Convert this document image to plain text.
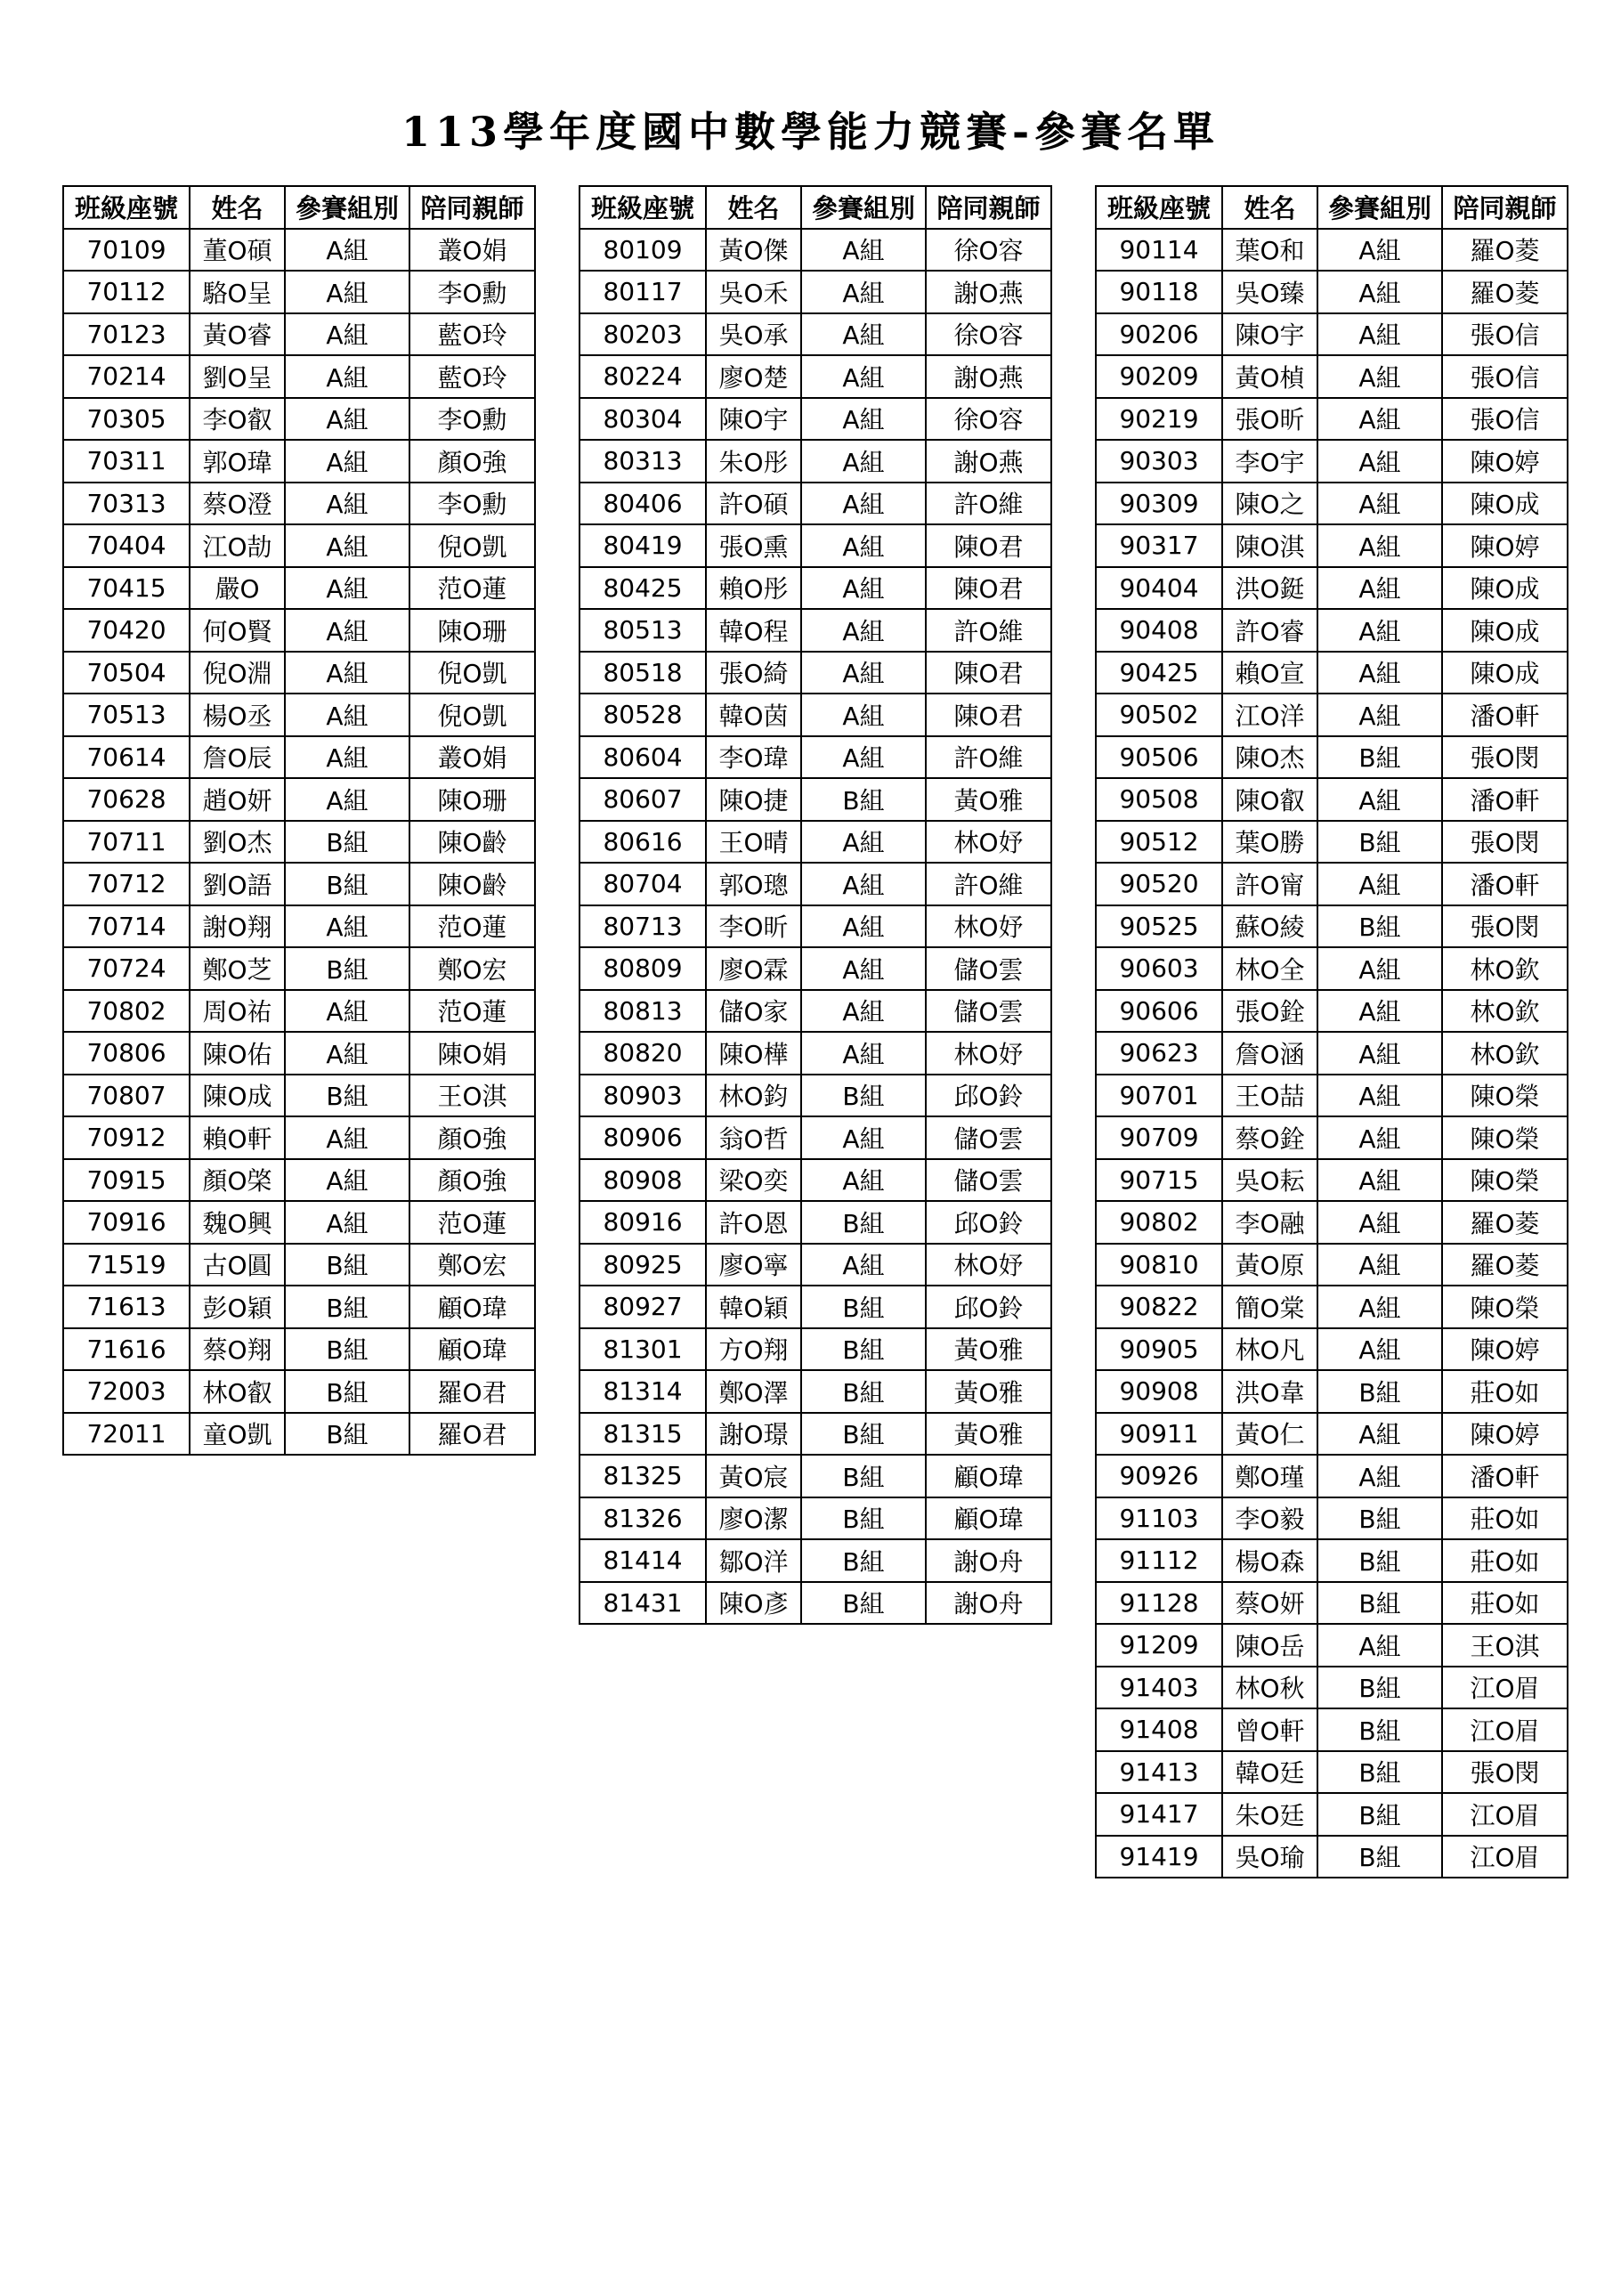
113學年度國中數學能力競賽-參賽名單
班級座號	姓名	參賽組別	陪同親師
70109	董O碩	A組	叢O娟
70112	駱O呈	A組	李O勳
70123	黃O睿	A組	藍O玲
70214	劉O呈	A組	藍O玲
70305	李O叡	A組	李O勳
70311	郭O瑋	A組	顏O強
70313	蔡O澄	A組	李O勳
70404	江O劼	A組	倪O凱
70415	嚴O	A組	范O蓮
70420	何O賢	A組	陳O珊
70504	倪O淵	A組	倪O凱
70513	楊O丞	A組	倪O凱
70614	詹O辰	A組	叢O娟
70628	趙O妍	A組	陳O珊
70711	劉O杰	B組	陳O齡
70712	劉O語	B組	陳O齡
70714	謝O翔	A組	范O蓮
70724	鄭O芝	B組	鄭O宏
70802	周O祐	A組	范O蓮
70806	陳O佑	A組	陳O娟
70807	陳O成	B組	王O淇
70912	賴O軒	A組	顏O強
70915	顏O棨	A組	顏O強
70916	魏O興	A組	范O蓮
71519	古O圓	B組	鄭O宏
71613	彭O穎	B組	顧O瑋
71616	蔡O翔	B組	顧O瑋
72003	林O叡	B組	羅O君
72011	童O凱	B組	羅O君
班級座號	姓名	參賽組別	陪同親師
80109	黃O傑	A組	徐O容
80117	吳O禾	A組	謝O燕
80203	吳O承	A組	徐O容
80224	廖O楚	A組	謝O燕
80304	陳O宇	A組	徐O容
80313	朱O彤	A組	謝O燕
80406	許O碩	A組	許O維
80419	張O熏	A組	陳O君
80425	賴O彤	A組	陳O君
80513	韓O程	A組	許O維
80518	張O綺	A組	陳O君
80528	韓O茵	A組	陳O君
80604	李O瑋	A組	許O維
80607	陳O捷	B組	黃O雅
80616	王O晴	A組	林O妤
80704	郭O璁	A組	許O維
80713	李O昕	A組	林O妤
80809	廖O霖	A組	儲O雲
80813	儲O家	A組	儲O雲
80820	陳O樺	A組	林O妤
80903	林O鈞	B組	邱O鈴
80906	翁O哲	A組	儲O雲
80908	梁O奕	A組	儲O雲
80916	許O恩	B組	邱O鈴
80925	廖O寧	A組	林O妤
80927	韓O穎	B組	邱O鈴
81301	方O翔	B組	黃O雅
81314	鄭O澤	B組	黃O雅
81315	謝O璟	B組	黃O雅
81325	黃O宸	B組	顧O瑋
81326	廖O潔	B組	顧O瑋
81414	鄒O洋	B組	謝O舟
81431	陳O彥	B組	謝O舟
班級座號	姓名	參賽組別	陪同親師
90114	葉O和	A組	羅O菱
90118	吳O臻	A組	羅O菱
90206	陳O宇	A組	張O信
90209	黃O楨	A組	張O信
90219	張O昕	A組	張O信
90303	李O宇	A組	陳O婷
90309	陳O之	A組	陳O成
90317	陳O淇	A組	陳O婷
90404	洪O鋌	A組	陳O成
90408	許O睿	A組	陳O成
90425	賴O宣	A組	陳O成
90502	江O洋	A組	潘O軒
90506	陳O杰	B組	張O閔
90508	陳O叡	A組	潘O軒
90512	葉O勝	B組	張O閔
90520	許O甯	A組	潘O軒
90525	蘇O綾	B組	張O閔
90603	林O全	A組	林O欽
90606	張O銓	A組	林O欽
90623	詹O涵	A組	林O欽
90701	王O喆	A組	陳O榮
90709	蔡O銓	A組	陳O榮
90715	吳O耘	A組	陳O榮
90802	李O融	A組	羅O菱
90810	黃O原	A組	羅O菱
90822	簡O棠	A組	陳O榮
90905	林O凡	A組	陳O婷
90908	洪O韋	B組	莊O如
90911	黃O仁	A組	陳O婷
90926	鄭O瑾	A組	潘O軒
91103	李O毅	B組	莊O如
91112	楊O森	B組	莊O如
91128	蔡O妍	B組	莊O如
91209	陳O岳	A組	王O淇
91403	林O秋	B組	江O眉
91408	曾O軒	B組	江O眉
91413	韓O廷	B組	張O閔
91417	朱O廷	B組	江O眉
91419	吳O瑜	B組	江O眉
